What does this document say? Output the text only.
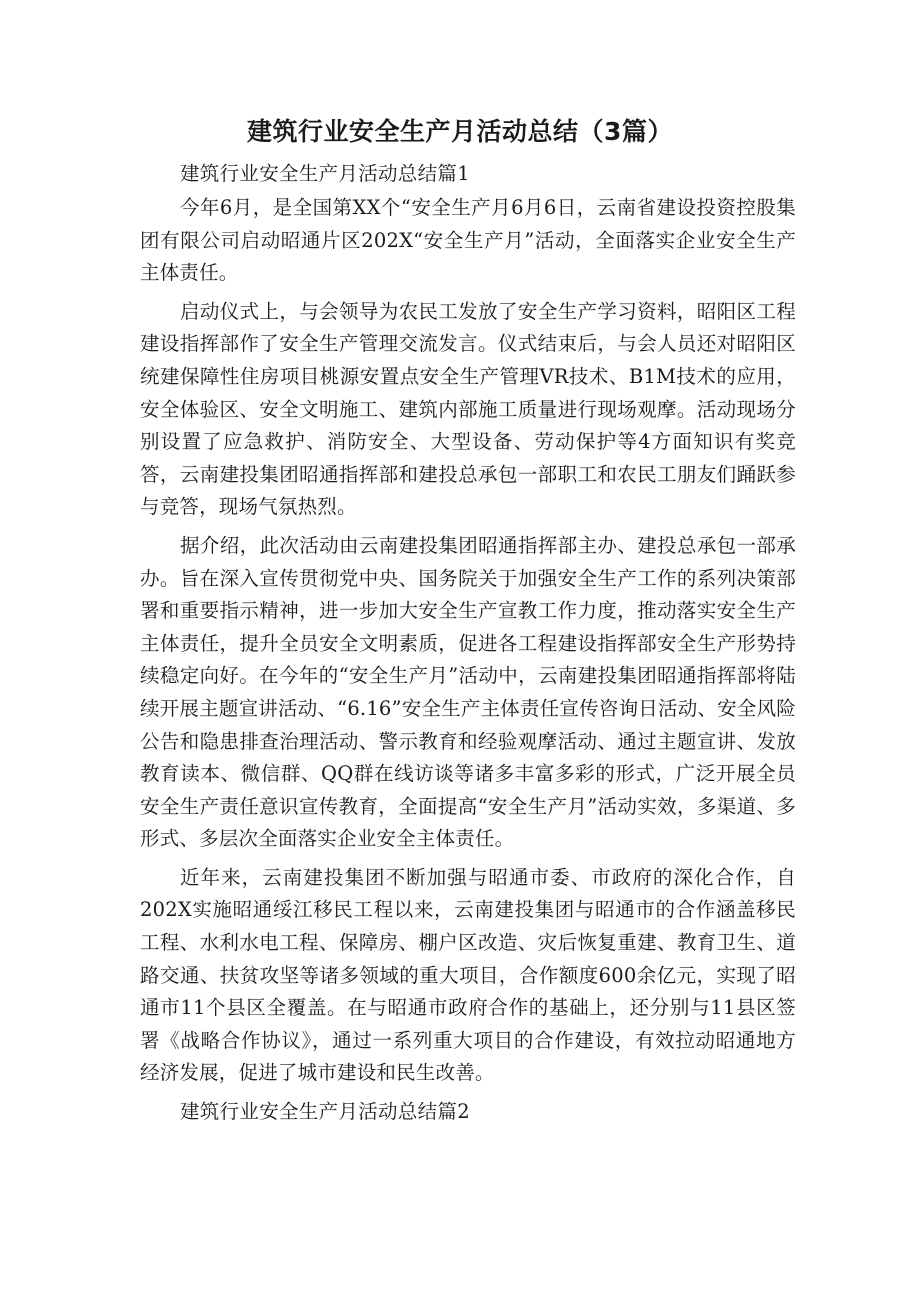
建筑行业安全生产月活动总结（3篇）

建筑行业安全生产月活动总结篇1

今年6月，是全国第XX个“安全生产月6月6日，云南省建设投资控股集团有限公司启动昭通片区202X“安全生产月”活动，全面落实企业安全生产主体责任。

启动仪式上，与会领导为农民工发放了安全生产学习资料，昭阳区工程建设指挥部作了安全生产管理交流发言。仪式结束后，与会人员还对昭阳区统建保障性住房项目桃源安置点安全生产管理VR技术、B1M技术的应用，安全体验区、安全文明施工、建筑内部施工质量进行现场观摩。活动现场分别设置了应急救护、消防安全、大型设备、劳动保护等4方面知识有奖竞答，云南建投集团昭通指挥部和建投总承包一部职工和农民工朋友们踊跃参与竞答，现场气氛热烈。

据介绍，此次活动由云南建投集团昭通指挥部主办、建投总承包一部承办。旨在深入宣传贯彻党中央、国务院关于加强安全生产工作的系列决策部署和重要指示精神，进一步加大安全生产宣教工作力度，推动落实安全生产主体责任，提升全员安全文明素质，促进各工程建设指挥部安全生产形势持续稳定向好。在今年的“安全生产月”活动中，云南建投集团昭通指挥部将陆续开展主题宣讲活动、“6.16”安全生产主体责任宣传咨询日活动、安全风险公告和隐患排查治理活动、警示教育和经验观摩活动、通过主题宣讲、发放教育读本、微信群、QQ群在线访谈等诸多丰富多彩的形式，广泛开展全员安全生产责任意识宣传教育，全面提高“安全生产月”活动实效，多渠道、多形式、多层次全面落实企业安全主体责任。

近年来，云南建投集团不断加强与昭通市委、市政府的深化合作，自202X实施昭通绥江移民工程以来，云南建投集团与昭通市的合作涵盖移民工程、水利水电工程、保障房、棚户区改造、灾后恢复重建、教育卫生、道路交通、扶贫攻坚等诸多领域的重大项目，合作额度600余亿元，实现了昭通市11个县区全覆盖。在与昭通市政府合作的基础上，还分别与11县区签署《战略合作协议》，通过一系列重大项目的合作建设，有效拉动昭通地方经济发展，促进了城市建设和民生改善。

建筑行业安全生产月活动总结篇2
